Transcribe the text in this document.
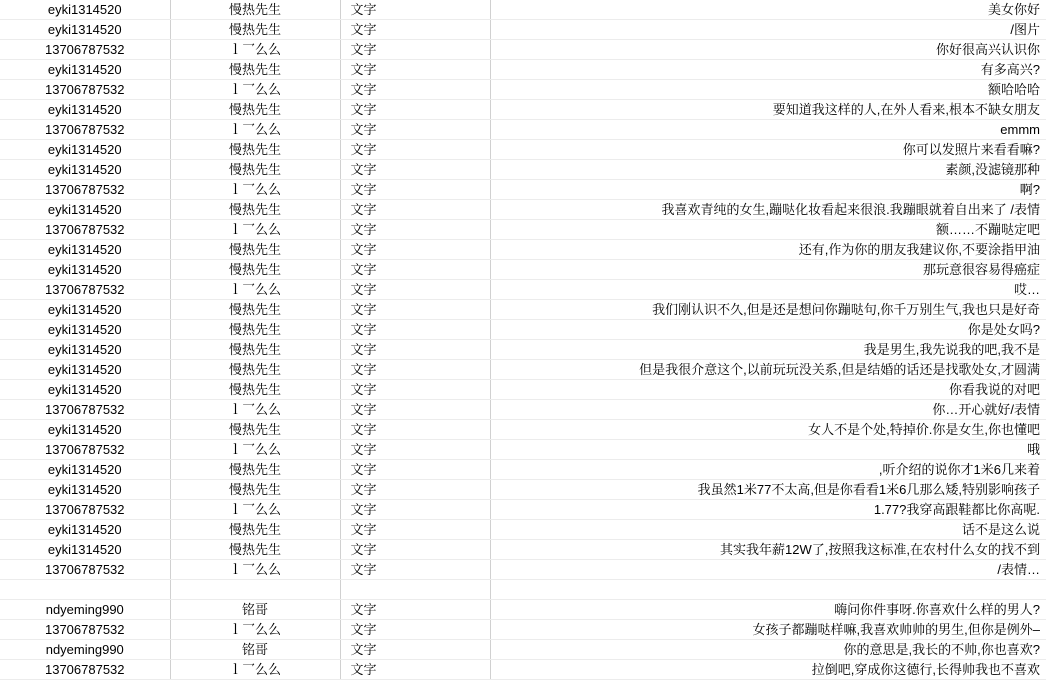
eyki1314520	慢热先生	文字	美女你好
eyki1314520	慢热先生	文字	/图片
13706787532	ｌ乛么么	文字	你好很高兴认识你
eyki1314520	慢热先生	文字	有多高兴?
13706787532	ｌ乛么么	文字	额哈哈哈
eyki1314520	慢热先生	文字	要知道我这样的人,在外人看来,根本不缺女朋友
13706787532	ｌ乛么么	文字	emmm
eyki1314520	慢热先生	文字	你可以发照片来看看嘛?
eyki1314520	慢热先生	文字	素颜,没滤镜那种
13706787532	ｌ乛么么	文字	啊?
eyki1314520	慢热先生	文字	我喜欢青纯的女生,蹦哒化妆看起来很浪.我蹦眼就着自出来了 /表情
13706787532	ｌ乛么么	文字	额……不蹦哒定吧
eyki1314520	慢热先生	文字	还有,作为你的朋友我建议你,不要涂指甲油
eyki1314520	慢热先生	文字	那玩意很容易得癌症
13706787532	ｌ乛么么	文字	哎…
eyki1314520	慢热先生	文字	我们刚认识不久,但是还是想问你蹦哒句,你千万别生气,我也只是好奇
eyki1314520	慢热先生	文字	你是处女吗?
eyki1314520	慢热先生	文字	我是男生,我先说我的吧,我不是
eyki1314520	慢热先生	文字	但是我很介意这个,以前玩玩没关系,但是结婚的话还是找歌处女,才圆满
eyki1314520	慢热先生	文字	你看我说的对吧
13706787532	ｌ乛么么	文字	你…开心就好/表情
eyki1314520	慢热先生	文字	女人不是个处,特掉价.你是女生,你也懂吧
13706787532	ｌ乛么么	文字	哦
eyki1314520	慢热先生	文字	,听介绍的说你才1米6几来着
eyki1314520	慢热先生	文字	我虽然1米77不太高,但是你看看1米6几那么矮,特别影响孩子
13706787532	ｌ乛么么	文字	1.77?我穿高跟鞋都比你高呢.
eyki1314520	慢热先生	文字	话不是这么说
eyki1314520	慢热先生	文字	其实我年薪12W了,按照我这标准,在农村什么女的找不到
13706787532	ｌ乛么么	文字	/表情…

ndyeming990	铭哥	文字	嗨问你件事呀.你喜欢什么样的男人?
13706787532	ｌ乛么么	文字	女孩子都蹦哒样嘛,我喜欢帅帅的男生,但你是例外–
ndyeming990	铭哥	文字	你的意思是,我长的不帅,你也喜欢?
13706787532	ｌ乛么么	文字	拉倒吧,穿成你这德行,长得帅我也不喜欢
